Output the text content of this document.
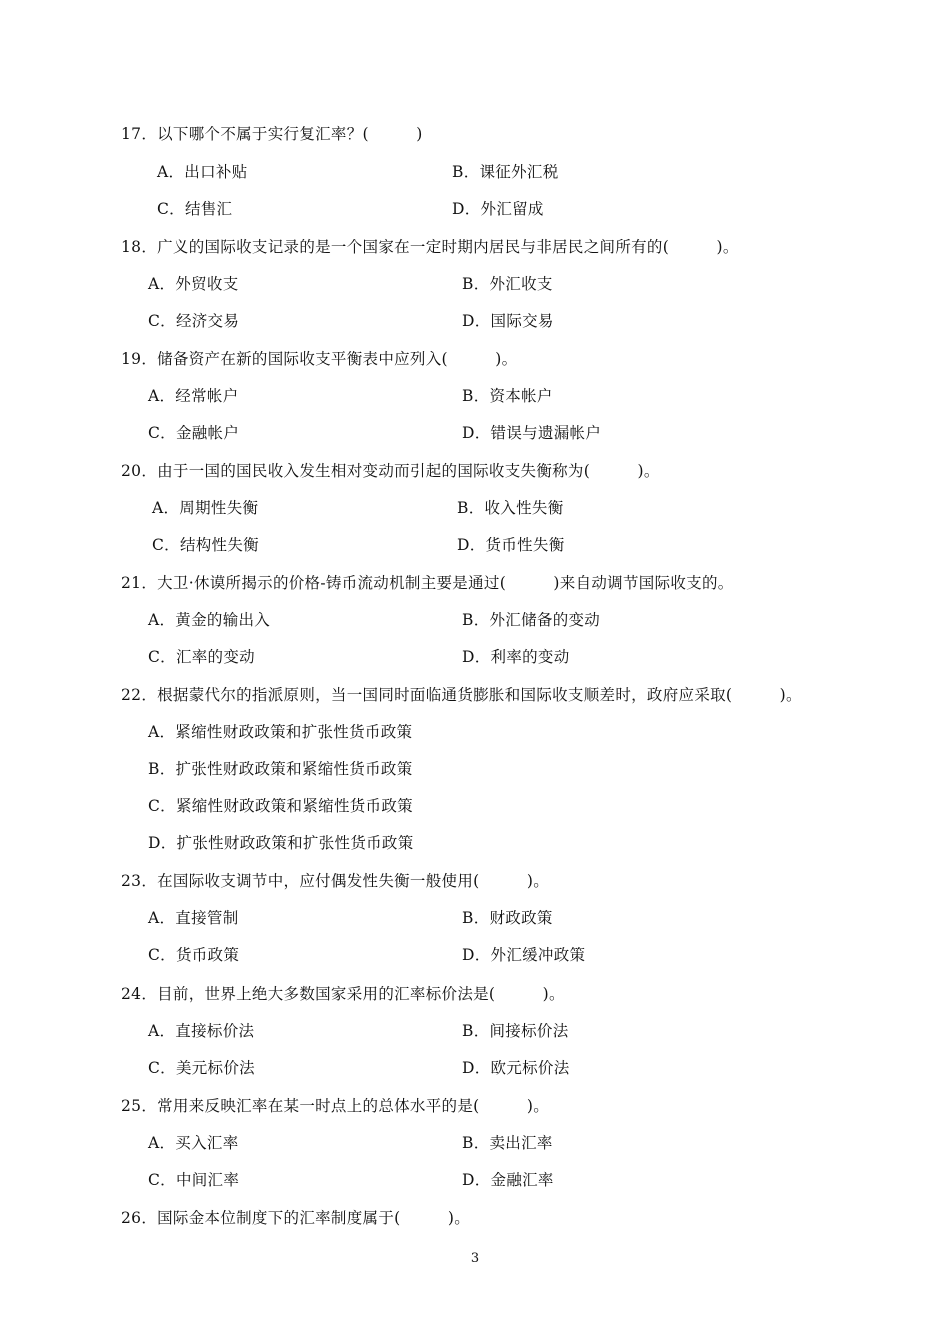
17．以下哪个不属于实行复汇率？(　　　)
A．出口补贴	B．课征外汇税
C．结售汇	D．外汇留成
18．广义的国际收支记录的是一个国家在一定时期内居民与非居民之间所有的(　　　)。
A．外贸收支	B．外汇收支
C．经济交易	D．国际交易
19．储备资产在新的国际收支平衡表中应列入(　　　)。
A．经常帐户	B．资本帐户
C．金融帐户	D．错误与遗漏帐户
20．由于一国的国民收入发生相对变动而引起的国际收支失衡称为(　　　)。
A．周期性失衡	B．收入性失衡
C．结构性失衡	D．货币性失衡
21．大卫·休谟所揭示的价格-铸币流动机制主要是通过(　　　)来自动调节国际收支的。
A．黄金的输出入	B．外汇储备的变动
C．汇率的变动	D．利率的变动
22．根据蒙代尔的指派原则，当一国同时面临通货膨胀和国际收支顺差时，政府应采取(　　　)。
A．紧缩性财政政策和扩张性货币政策
B．扩张性财政政策和紧缩性货币政策
C．紧缩性财政政策和紧缩性货币政策
D．扩张性财政政策和扩张性货币政策
23．在国际收支调节中，应付偶发性失衡一般使用(　　　)。
A．直接管制	B．财政政策
C．货币政策	D．外汇缓冲政策
24．目前，世界上绝大多数国家采用的汇率标价法是(　　　)。
A．直接标价法	B．间接标价法
C．美元标价法	D．欧元标价法
25．常用来反映汇率在某一时点上的总体水平的是(　　　)。
A．买入汇率	B．卖出汇率
C．中间汇率	D．金融汇率
26．国际金本位制度下的汇率制度属于(　　　)。
3
